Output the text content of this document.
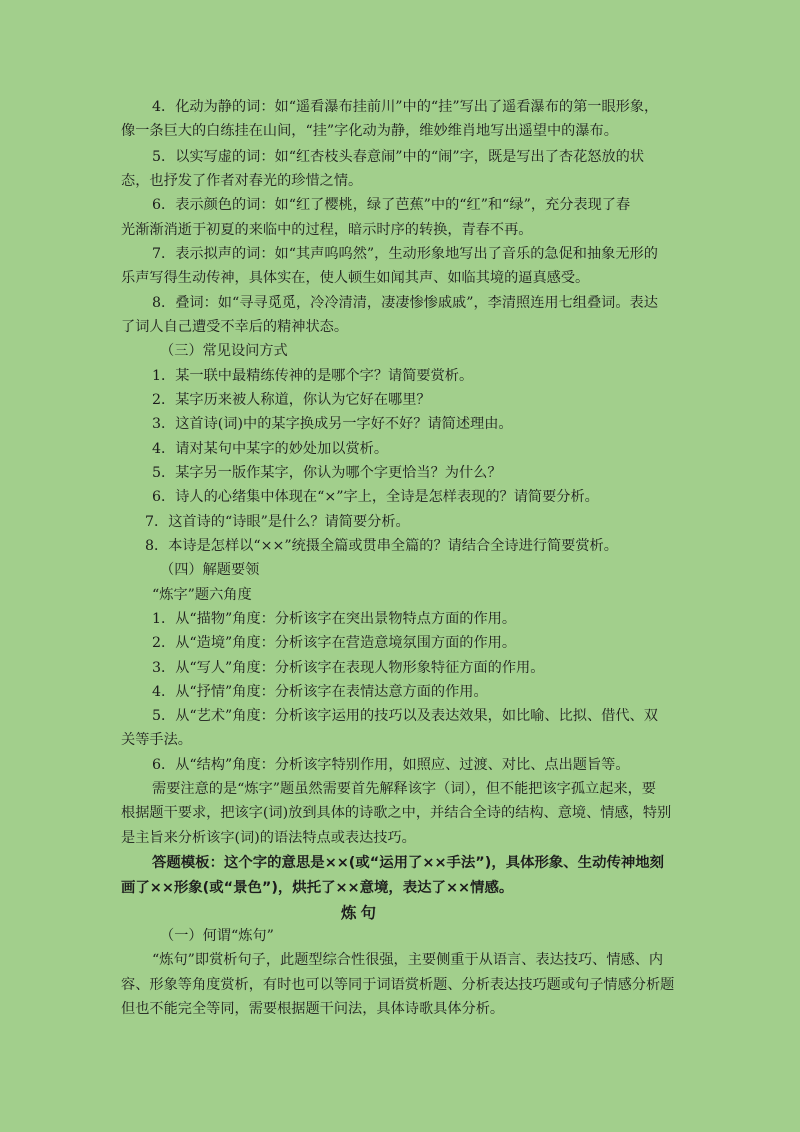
4．化动为静的词：如“遥看瀑布挂前川”中的“挂”写出了遥看瀑布的第一眼形象，
像一条巨大的白练挂在山间，“挂”字化动为静，维妙维肖地写出遥望中的瀑布。
5．以实写虚的词：如“红杏枝头春意闹”中的“闹”字，既是写出了杏花怒放的状
态，也抒发了作者对春光的珍惜之情。
6．表示颜色的词：如“红了樱桃，绿了芭蕉”中的“红”和“绿”，充分表现了春
光渐渐消逝于初夏的来临中的过程，暗示时序的转换，青春不再。
7．表示拟声的词：如“其声呜呜然”，生动形象地写出了音乐的急促和抽象无形的
乐声写得生动传神，具体实在，使人顿生如闻其声、如临其境的逼真感受。
8．叠词：如“寻寻觅觅，冷冷清清，凄凄惨惨戚戚”，李清照连用七组叠词。表达
了词人自己遭受不幸后的精神状态。
（三）常见设问方式
1．某一联中最精练传神的是哪个字？请简要赏析。
2．某字历来被人称道，你认为它好在哪里？
3．这首诗(词)中的某字换成另一字好不好？请简述理由。
4．请对某句中某字的妙处加以赏析。
5．某字另一版作某字，你认为哪个字更恰当？为什么？
6．诗人的心绪集中体现在“×”字上，全诗是怎样表现的？请简要分析。
7．这首诗的“诗眼”是什么？请简要分析。
8．本诗是怎样以“××”统摄全篇或贯串全篇的？请结合全诗进行简要赏析。
（四）解题要领
“炼字”题六角度
1．从“描物”角度：分析该字在突出景物特点方面的作用。
2．从“造境”角度：分析该字在营造意境氛围方面的作用。
3．从“写人”角度：分析该字在表现人物形象特征方面的作用。
4．从“抒情”角度：分析该字在表情达意方面的作用。
5．从“艺术”角度：分析该字运用的技巧以及表达效果，如比喻、比拟、借代、双
关等手法。
6．从“结构”角度：分析该字特别作用，如照应、过渡、对比、点出题旨等。
需要注意的是“炼字”题虽然需要首先解释该字（词），但不能把该字孤立起来，要
根据题干要求，把该字(词)放到具体的诗歌之中，并结合全诗的结构、意境、情感，特别
是主旨来分析该字(词)的语法特点或表达技巧。
答题模板：这个字的意思是××(或“运用了××手法”)，具体形象、生动传神地刻
画了××形象(或“景色”)，烘托了××意境，表达了××情感。
炼句
（一）何谓“炼句”
“炼句”即赏析句子，此题型综合性很强，主要侧重于从语言、表达技巧、情感、内
容、形象等角度赏析，有时也可以等同于词语赏析题、分析表达技巧题或句子情感分析题
但也不能完全等同，需要根据题干问法，具体诗歌具体分析。
